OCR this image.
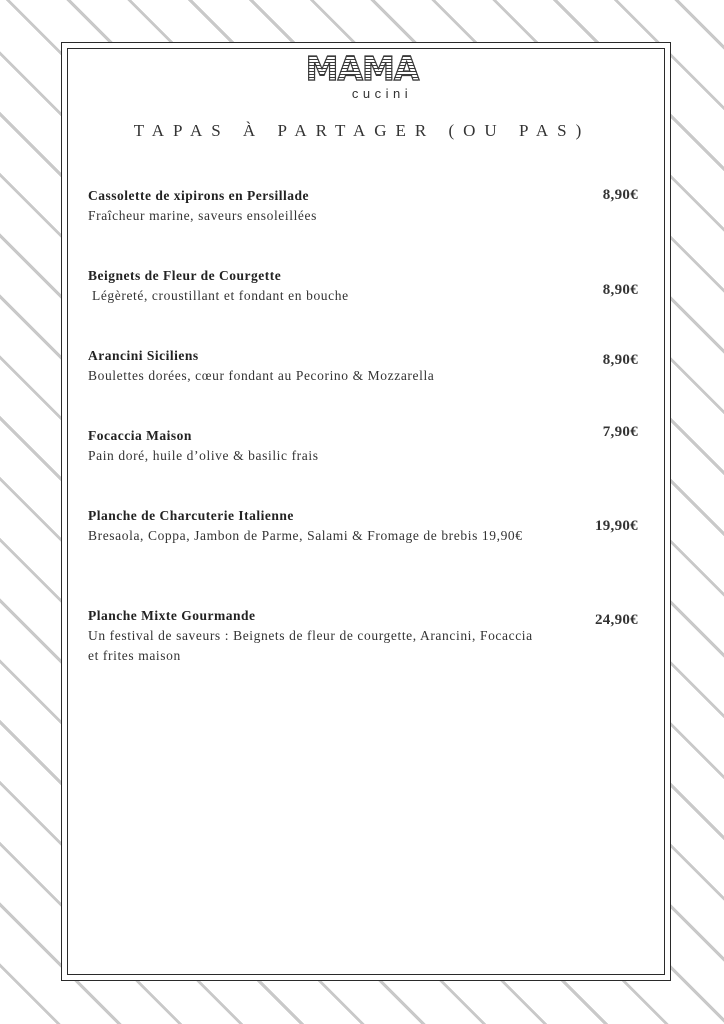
MAMA
cucini
TAPAS À PARTAGER (OU PAS)
8,90€
Cassolette de xipirons en Persillade
Fraîcheur marine, saveurs ensoleillées
8,90€
Beignets de Fleur de Courgette
Légèreté, croustillant et fondant en bouche
8,90€
Arancini Siciliens
Boulettes dorées, cœur fondant au Pecorino & Mozzarella
7,90€
Focaccia Maison
Pain doré, huile d’olive & basilic frais
19,90€
Planche de Charcuterie Italienne
Bresaola, Coppa, Jambon de Parme, Salami & Fromage de brebis 19,90€
24,90€
Planche Mixte Gourmande
Un festival de saveurs : Beignets de fleur de courgette, Arancini, Focaccia et frites maison
